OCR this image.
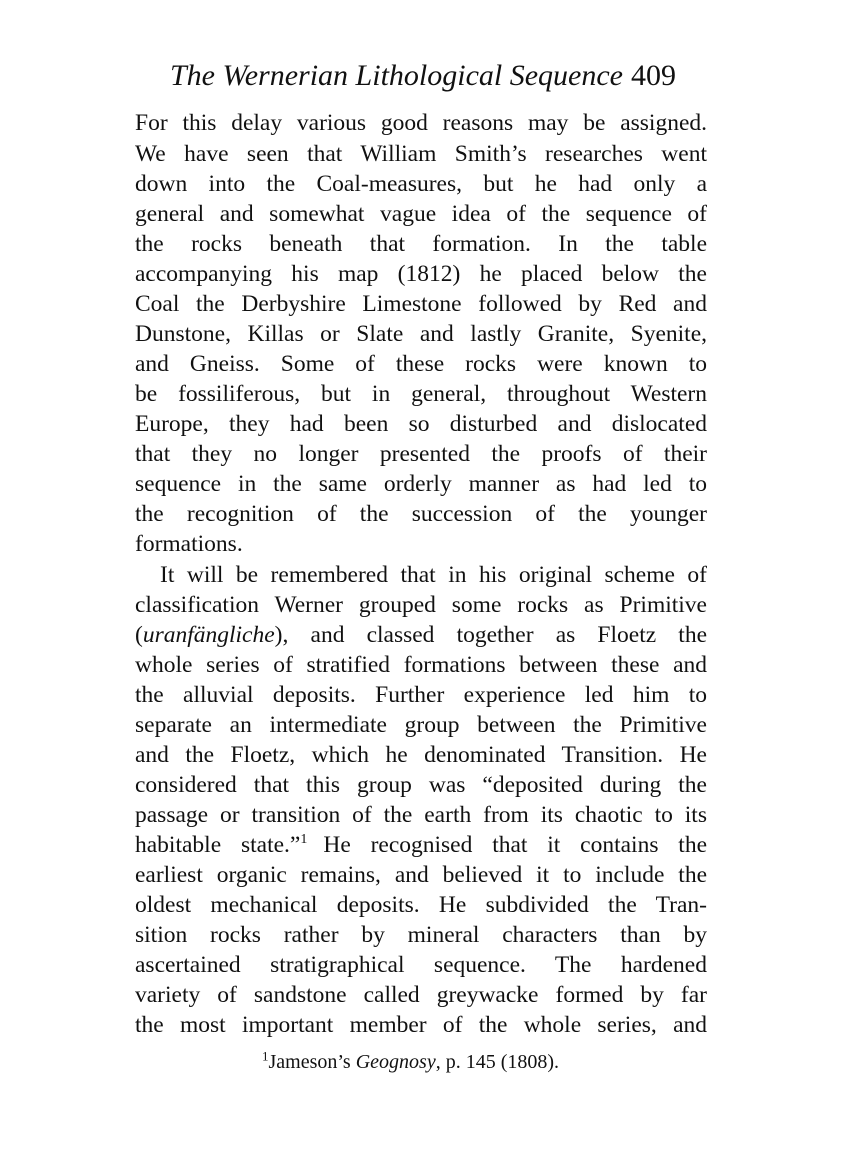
The Wernerian Lithological Sequence 409
For this delay various good reasons may be assigned.
We have seen that William Smith’s researches went
down into the Coal-measures, but he had only a
general and somewhat vague idea of the sequence of
the rocks beneath that formation. In the table
accompanying his map (1812) he placed below the
Coal the Derbyshire Limestone followed by Red and
Dunstone, Killas or Slate and lastly Granite, Syenite,
and Gneiss. Some of these rocks were known to
be fossiliferous, but in general, throughout Western
Europe, they had been so disturbed and dislocated
that they no longer presented the proofs of their
sequence in the same orderly manner as had led to
the recognition of the succession of the younger
formations.
It will be remembered that in his original scheme of
classification Werner grouped some rocks as Primitive
(uranfängliche), and classed together as Floetz the
whole series of stratified formations between these and
the alluvial deposits. Further experience led him to
separate an intermediate group between the Primitive
and the Floetz, which he denominated Transition. He
considered that this group was “deposited during the
passage or transition of the earth from its chaotic to its
habitable state.”$^1$ He recognised that it contains the
earliest organic remains, and believed it to include the
oldest mechanical deposits. He subdivided the Tran-
sition rocks rather by mineral characters than by
ascertained stratigraphical sequence. The hardened
variety of sandstone called greywacke formed by far
the most important member of the whole series, and
$^1$Jameson’s Geognosy, p. 145 (1808).
